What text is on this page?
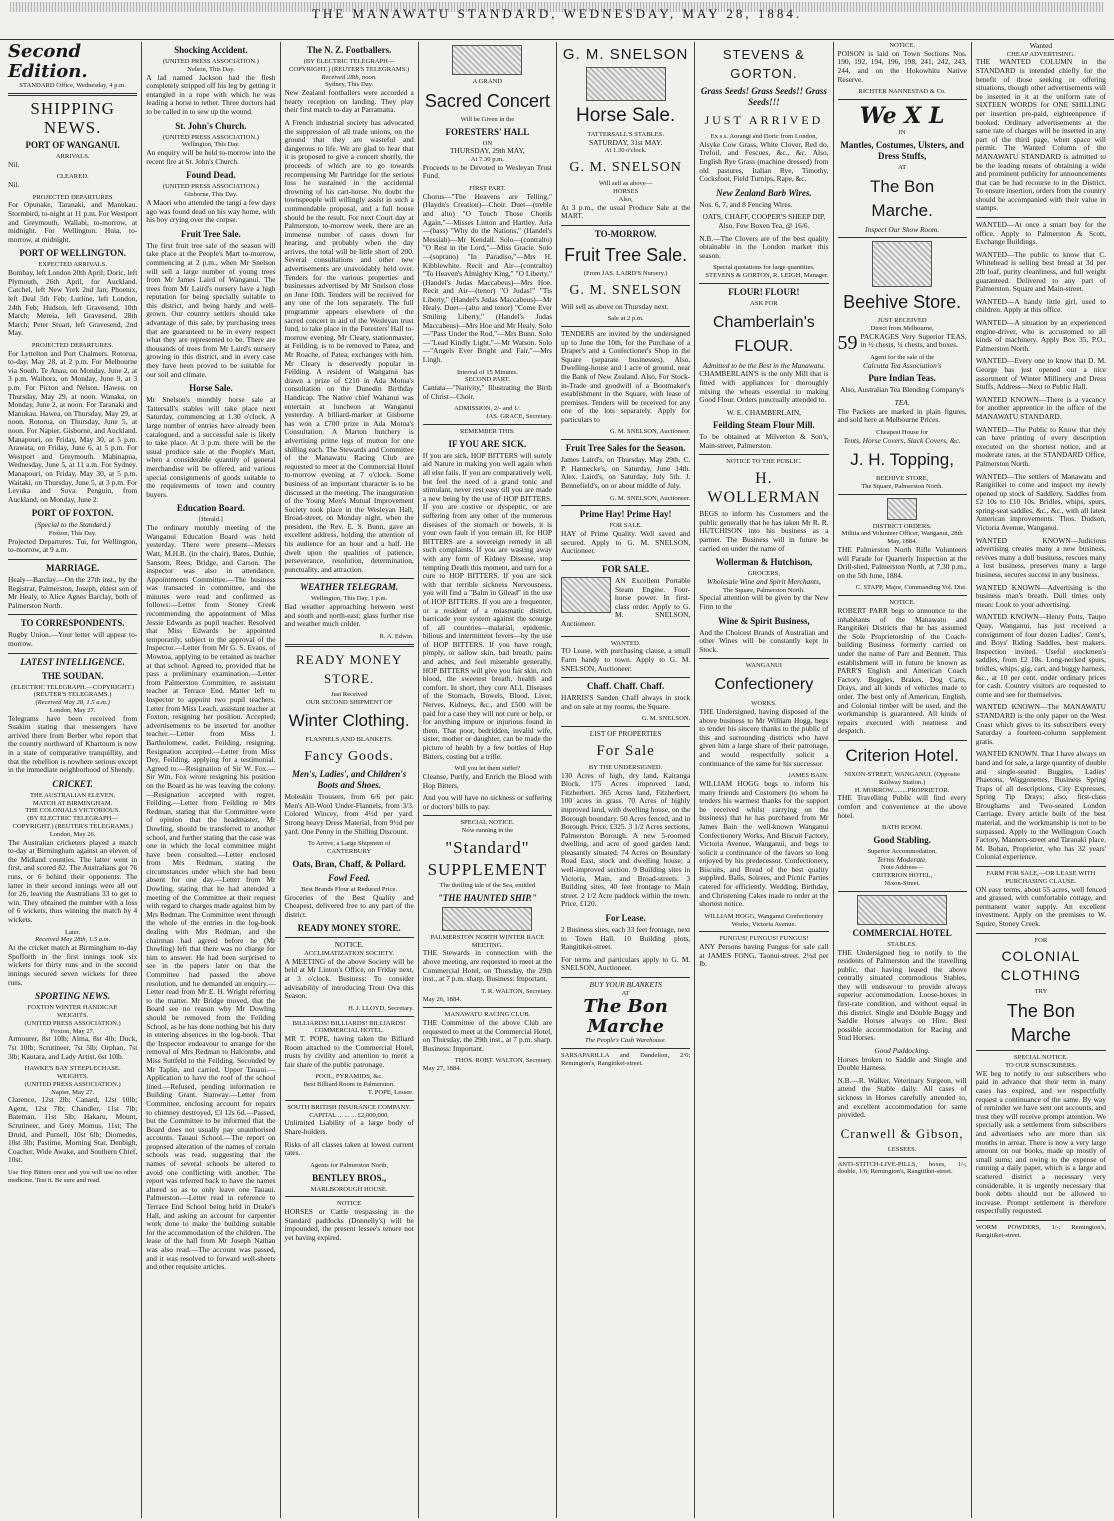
THE MANAWATU STANDARD, WEDNESDAY, MAY 28, 1884.
Second Edition.
STANDARD Office, Wednesday, 4 p.m.
SHIPPING NEWS.
PORT OF WANGANUI.
ARRIVALS.
Nil.
CLEARED.
Nil.
PROJECTED DEPARTURES
For Opunake, Taranaki, and Manukau. Stormbird, to-night at 11 p.m. For Westport and Greymouth. Wallabi, to-morrow, at midnight. For Wellington. Huia, to-morrow, at midnight.
PORT OF WELLINGTON.
EXPECTED ARRIVALS.
Bombay, left London 20th April; Doric, left Plymouth, 26th April, for Auckland. Catchel, left New York 2nd Jan; Phoenix, left Deal 5th Feb; Lurline, left London, 24th Feb; Hudson, left Gravesend, 10th March; Mereia, left Gravesend, 28th March; Peter Stuart, left Gravesend, 2nd May.
PROJECTED DEPARTURES.
For Lyttelton and Port Chalmers. Rotorua, to-day, May 28, at 2 p.m. For Melbourne via South. Te Anau, on Monday, June 2, at 3 p.m. Waihora, on Monday, June 9, at 3 p.m. For Picton and Nelson. Hawea, on Thursday, May 29, at noon. Wanaka, on Monday, June 2, at noon. For Taranaki and Manukau. Hawea, on Thursday, May 29, at noon. Rotorua, on Thursday, June 5, at noon. For Napier, Gisborne, and Auckland. Manapouri, on Friday, May 30, at 5 p.m. Arawata, on Friday, June 6, at 5 p.m. For Westport and Greymouth. Mahinapua, Wednesday, June 5, at 11 a.m. For Sydney. Manapouri, on Friday, May 30, at 5 p.m. Waitaki, on Thursday, June 5, at 3 p.m. For Levuka and Suva. Penguin, from Auckland, on Monday, June 2.
PORT OF FOXTON.
(Special to the Standard.)
Foxton, This Day.
Projected Departures. Tui, for Wellington, to-morrow, at 9 a.m.
MARRIAGE.
Healy—Barclay.—On the 27th inst., by the Registrar, Palmerston, Joseph, eldest son of Mr Healy, to Alice Agnes Barclay, both of Palmerston North.
TO CORRESPONDENTS.
Rugby Union.—Your letter will appear to-morrow.
LATEST INTELLIGENCE.
THE SOUDAN.
(ELECTRIC TELEGRAPH.—COPYRIGHT.) (REUTER'S TELEGRAMS.)
(Received May 28, 1.5 a.m.)
London, May 27.
Telegrams have been received from Suakim stating that messengers have arrived there from Berber who report that the country northward of Khartoum is now in a state of comparative tranquillity, and that the rebellion is nowhere serious except in the immediate neighborhood of Shendy.
CRICKET.
THE AUSTRALIAN ELEVEN.
MATCH AT BIRMINGHAM.
THE COLONIALS VICTORIOUS.
(BY ELECTRIC TELEGRAPH—COPYRIGHT.) (REUTER'S TELEGRAMS.)
London, May 26.
The Australian cricketers played a match to-day at Birmingham against an eleven of the Midland counties. The latter went in first, and scored 82. The Australians got 76 runs, or 6 behind their opponents. The latter in their second innings were all out for 26, leaving the Australians 33 to get to win. They obtained the number with a loss of 6 wickets, thus winning the match by 4 wickets.
Later.
Received May 28th, 1.5 a.m.
At the cricket match at Birmingham to-day Spofforth in the first innings took six wickets for thirty runs and in the second innings secured seven wickets for three runs.
SPORTING NEWS.
FOXTON WINTER HANDICAP.
WEIGHTS.
(UNITED PRESS ASSOCIATION.)
Foxton, May 27.
Armourer, 8st 10lb; Alma, 8st 4lb; Duck, 7st 10lb; Scrutineer, 7st 5lb; Orphan, 7st 3lb; Kautara, and Lady Artist, 6st 10lb.
HAWKE'S BAY STEEPLECHASE.
WEIGHTS.
(UNITED PRESS ASSOCIATION.)
Napier, May 27.
Clarence, 12st 2lb; Canard, 12st 10lb; Agent, 12st 7lb; Chandler, 11st 7lb; Bateman, 11st 5lb; Hakaru, Mount, Scrutineer, and Grey Momus, 11st; The Druid, and Purnell, 10st 6lb; Diomedes, 10st 3lb; Pastime, Morning Star, Denbigh, Coacher, Wide Awake, and Southern Chief, 10st.
Use Hop Bitters once and you will use no other medicine. Test it. Be sure and read.
Shocking Accident.
(UNITED PRESS ASSOCIATION.)
Nelson, This Day.
A lad named Jackson had the flesh completely stripped off his leg by getting it entangled in a rope with which he was leading a horse to tether. Three doctors had to be called in to sew up the wound.
St. John's Church.
(UNITED PRESS ASSOCIATION.)
Wellington, This Day.
An enquiry will be held to-morrow into the recent fire at St. John's Church.
Found Dead.
(UNITED PRESS ASSOCIATION.)
Gisborne, This Day.
A Maori who attended the tangi a few days ago was found dead on his way home, with his boy crying over the corpse.
Fruit Tree Sale.
The first fruit tree sale of the season will take place at the People's Mart to-morrow, commencing at 2 p.m., when Mr Snelson will sell a large number of young trees from Mr James Laird of Wanganui. The trees from Mr Laird's nursery have a high reputation for being specially suitable to this district, and being hardy and well-grown. Our country settlers should take advantage of this sale, by purchasing trees that are guaranteed to be in every respect what they are represented to be. There are thousands of trees from Mr Laird's nursery growing in this district, and in every case they have been proved to be suitable for our soil and climate.
Horse Sale.
Mr Snelson's monthly horse sale at Tattersall's stables will take place next Saturday, commencing at 1.30 o'clock. A large number of entries have already been catalogued, and a successful sale is likely to take place. At 3 p.m. there will be the usual produce sale at the People's Mart, when a considerable quantity of general merchandise will be offered, and various special consignments of goods suitable to the requirements of town and country buyers.
Education Board.
[Herald.]
The ordinary monthly meeting of the Wanganui Education Board was held yesterday. There were present—Messrs Watt, M.H.R. (in the chair), Bates, Duthie, Sansom, Rees, Bridge, and Carson. The inspector was also in attendance. Appointments Committee.—The business was transacted in committee, and the minutes were read and confirmed as follows:—Letter from Stoney Creek recommending the appointment of Miss Jessie Edwards as pupil teacher. Resolved that Miss Edwards be appointed temporarily, subject to the approval of the Inspector.—Letter from Mr G. S. Evans, of Mowtoa, applying to be retained as teacher at that school. Agreed to, provided that he pass a preliminary examination.—Letter from Palmerston Committee, re assistant teacher at Terrace End. Matter left to Inspector to appoint two pupil teachers. Letter from Miss Leach, assistant teacher at Foxton, resigning her position. Accepted; advertisements to be inserted for another teacher.—Letter from Miss J. Bartholomew, cadet, Feilding, resigning. Resignation accepted.—Letter from Miss Dey, Feilding, applying for a testimonial. Agreed to.—Resignation of Sir W. Fox.—Sir Wm. Fox wrote resigning his position on the Board as he was leaving the colony.—Resignation accepted with regret. Feilding.—Letter from Feilding re Mrs Redman, stating that the Committee were of opinion that the headmaster, Mr Dowling, should be transferred to another school, and further stating that the case was one in which the local committee might have been consulted.—Letter enclosed from Mrs Redman, stating the circumstances under which she had been absent for one day.—Letter from Mr Dowling, stating that he had attended a meeting of the Committee at their request with regard to charges made against him by Mrs Redman. The Committee went through the whole of the entries in the log-book dealing with Mrs Redman, and the chairman had agreed before he (Mr Dowling) left that there was no charge for him to answer. He had been surprised to see in the papers later on that the Committee had passed the above resolution, and he demanded an enquiry.—Letter read from Mr E. H. Wright referring to the matter. Mr Bridge moved, that the Board see no reason why Mr Dowling should be removed from the Feilding School, as he has done nothing but his duty in entering absences in the log-book. That the Inspector endeavour to arrange for the removal of Mrs Redman to Halcombe, and Miss Suttfeld to the Feilding. Seconded by Mr Taplin, and carried. Upper Tauaui.—Application to have the roof of the school lined.—Refused, pending information re Building Grant. Stanway.—Letter from Committee, enclosing account for repairs to chimney destroyed, £3 12s 6d.—Passed, but the Committee to be informed that the Board does not usually pay unauthorised accounts. Tauaui School.—The report on proposed alteration of the names of certain schools was read, suggesting that the names of several schools be altered to avoid one conflicting with another. The report was referred back to have the names altered so as to only leave one Tauaui. Palmerston.—Letter read in reference to Terrace End School being held in Drake's Hall, and asking an account for carpenter work done to make the building suitable for the accommodation of the children. The lease of the hall from Mr Joseph Nathan was also read.—The account was passed, and it was resolved to forward well-sheets and other requisite articles.
The N. Z. Footballers.
(BY ELECTRIC TELEGRAPH—COPYRIGHT.) (REUTER'S TELEGRAMS.)
Received 28th, noon.
Sydney, This Day.
New Zealand footballers were accorded a hearty reception on landing. They play their first match to-day at Parramatta.
A French industrial society has advocated the suppression of all trade unions, on the ground that they are wasteful and dangerous to life. We are glad to hear that it is proposed to give a concert shortly, the proceeds of which are to go towards recompensing Mr Partridge for the serious loss he sustained in the accidental drowning of his cart-horse. No doubt the townspeople will willingly assist in such a commendable proposal, and a full house should be the result. For next Court day at Palmerston, to-morrow week, there are an immense number of cases down for hearing, and probably when the day arrives, the total will be little short of 200. Several consultations and other new advertisements are unavoidably held over. Tenders for the various properties and businesses advertised by Mr Snelson close on June 10th. Tenders will be received for any one of the lots separately. The full programme appears elsewhere of the sacred concert in aid of the Wesleyan trust fund, to take place in the Foresters' Hall to-morrow evening. Mr Cleary, stationmaster, at Feilding, is to be removed to Patea, and Mr Roache, of Patea, exchanges with him. Mr Cleary is deservedly popular in Feilding. A resident of Wanganui has drawn a prize of £210 in Ada Motua's consultation on the Dunedin Birthday Handicap. The Native chief Wahanui was entertain at luncheon at Wanganui yesterday. A billiard-marker at Gisborne has won a £700 prize in Ada Motua's Consultation. A Marton butchery is advertising prime legs of mutton for one shilling each. The Stewards and Committee of the Manawatu Racing Club are requested to meet at the Commercial Hotel to-morrow evening at 7 o'clock. Some business of an important character is to be discussed at the meeting. The inauguration of the Young Men's Mutual Improvement Society took place in the Wesleyan Hall, Broad-street, on Monday night, when the president, the Rev. E. S. Bunn, gave an excellent address, holding the attention of his audience for an hour and a half. He dwelt upon the qualities of patience, perseverance, resolution, determination, punctuality, and attraction.
WEATHER TELEGRAM.
Wellington, This Day, 1 p.m.
Bad weather approaching between west and south and north-east; glass further rise and weather much colder.
R. A. Edwin.
READY MONEY STORE.
Just Received
OUR SECOND SHIPMENT OF
Winter Clothing.
FLANNELS AND BLANKETS.
Fancy Goods.
Men's, Ladies', and Children's Boots and Shoes.
Moleskin Trousers, from 6/6 per pair. Men's All-Wool Under-Flannels, from 3/3. Colored Wincey, from 4½d per yard. Strong heavy Dress Material, from 9½d per yard. One Penny in the Shilling Discount.
To Arrive, a Large Shipment of
CANTERBURY
Oats, Bran, Chaff, & Pollard.
Fowl Feed.
Best Brands Flour at Reduced Price.
Groceries of the Best Quality and Cheapest, delivered free to any part of the district.
READY MONEY STORE.
NOTICE.
ACCLIMATIZATION SOCIETY.
A MEETING of the above Society will be held at Mr Linton's Office, on Friday next, at 3 o'clock. Business: To consider advisability of introducing Trout Ova this Season.
H. J. LLOYD, Secretary.
BILLIARDS! BILLIARDS! BILLIARDS!
COMMERCIAL HOTEL.
MR T. POPE, having taken the Billiard Room attached to the Commercial Hotel, trusts by civility and attention to merit a fair share of the public patronage.
POOL, PYRAMIDS, &c.
Best Billiard Room in Palmerston.
T. POPE, Lessee.
SOUTH BRITISH INSURANCE COMPANY.
CAPITAL ... ... ... £2,000,000.
Unlimited Liability of a large body of Share-holders.
Risks of all classes taken at lowest current rates.
Agents for Palmerston North,
BENTLEY BROS.,
MARLBOROUGH HOUSE.
NOTICE
HORSES or Cattle trespassing in the Standard paddocks (Donnelly's) will be impounded, the present lessee's tenure not yet having expired.
A GRAND
Sacred Concert
Will be Given in the
FORESTERS' HALL
ON
THURSDAY, 29th MAY,
At 7.30 p.m.
Proceeds to be Devoted to Wesleyan Trust Fund.
FIRST PART.
Chorus—"The Heavens are Telling," (Haydn's Creation)—Choir. Duet—(treble and alto) "O Touch Those Chords Again,"—Misses Linton and Hartley. Aria—(bass) "Why do the Nations," (Handel's Messiah)—Mr Kendall. Solo—(contralto) "O Rest in the Lord,"—Miss Gracie. Solo—(soprano) "In Paradiso,"—Mrs H. Kibblewhite. Recit and Air—(contralto) "To Heaven's Almighty King," "O Liberty," (Handel's Judas Maccabeus)—Mrs Hoe. Recit and Air—(tenor) "O Judas!" "Tis Liberty," (Handel's Judas Maccabeus)—Mr Healy. Duet—(alto and tenor) "Come Ever Smiling Liberty," (Handel's Judas Maccabeus)—Mrs Hoe and Mr Healy. Solo—"Pass Under the Rod,"—Mrs Bunn. Solo—"Lead Kindly Light,"—Mr Watson. Solo—"Angels Ever Bright and Fair,"—Mrs Lingh.
Interval of 15 Minutes.
SECOND PART.
Cantata—"Nativity," Illustrating the Birth of Christ—Choir.
ADMISSION, 2/- and 1/.
JAS. GRACE, Secretary.
REMEMBER THIS.
IF YOU ARE SICK.
If you are sick, HOP BITTERS will surely aid Nature in making you well again when all else fails. If you are comparatively well, but feel the need of a grand tonic and stimulant, never rest easy till you are made a new being by the use of HOP BITTERS. If you are costive or dyspeptic, or are suffering from any other of the numerous diseases of the stomach or bowels, it is your own fault if you remain ill, for HOP BITTERS are a sovereign remedy in all such complaints. If you are wasting away with any form of Kidney Disease, stop tempting Death this moment, and turn for a cure to HOP BITTERS. If you are sick with that terrible sickness Nervousness, you will find a "Balm in Gilead" in the use of HOP BITTERS. If you are a frequenter, or a resident of a miasmatic district, barricade your system against the scourge of all countries—malarial, epidemic, bilious and intermittent fevers—by the use of HOP BITTERS. If you have rough, pimply, or sallow skin, bad breath, pains and aches, and feel miserable generally, HOP BITTERS will give you fair skin, rich blood, the sweetest breath, health and comfort. In short, they cure ALL Diseases of the Stomach, Bowels, Blood, Liver, Nerves, Kidneys, &c., and £500 will be paid for a case they will not cure or help, or for anything impure or injurious found in them. That poor, bedridden, invalid wife, sister, mother or daughter, can be made the picture of health by a few bottles of Hop Bitters, costing but a trifle.
Will you let them suffer?
Cleanse, Purify, and Enrich the Blood with Hop Bitters,
And you will have no sickness or suffering or doctors' bills to pay.
SPECIAL NOTICE.
Now running in the
"Standard"
SUPPLEMENT
The thrilling tale of the Sea, entitled
"THE HAUNTED SHIP."
PALMERSTON NORTH WINTER RACE MEETING.
THE Stewards in connection with the above meeting, are requested to meet at the Commercial Hotel, on Thursday, the 29th inst., at 7 p.m. sharp. Business: Important.
T. R. WALTON, Secretary.
May 26, 1884.
MANAWATU RACING CLUB.
THE Committee of the above Club are requested to meet at the Commercial Hotel, on Thursday, the 29th inst., at 7 p.m. sharp. Business: Important.
THOS. ROBT. WALTON, Secretary.
May 27, 1884.
G. M. SNELSON
Horse Sale.
TATTERSALL'S STABLES.
SATURDAY, 31st MAY.
At 1.30 o'clock.
G. M. SNELSON
Will sell as above—
HORSES
Also,
At 3 p.m., the usual Produce Sale at the MART.
TO-MORROW.
Fruit Tree Sale.
(From JAS. LAIRD'S Nursery.)
G. M. SNELSON
Will sell as above on Thursday next.
Sale at 2 p.m.
TENDERS are invited by the undersigned up to June the 10th, for the Purchase of a Draper's and a Confectioner's Shop in the Square (separate businesses). Also, Dwelling-house and 1 acre of ground, near the Bank of New Zealand. Also, For Stock-in-Trade and goodwill of a Bootmaker's establishment in the Square, with lease of premises. Tenders will be received for any one of the lots separately. Apply for particulars to
G. M. SNELSON, Auctioneer.
Fruit Tree Sales for the Season.
James Laird's, on Thursday, May 29th. C. P. Hannecke's, on Saturday, June 14th. Alex. Laird's, on Saturday, July 5th. J. Bennefield's, on or about middle of July.
G. M. SNELSON, Auctioneer.
Prime Hay! Prime Hay!
FOR SALE.
HAY of Prime Quality. Well saved and secured. Apply to G. M. SNELSON, Auctioneer.
FOR SALE.
AN Excellent Portable Steam Engine. Four-horse power. In first-class order. Apply to G. M. SNELSON, Auctioneer.
WANTED.
TO Lease, with purchasing clause, a small Farm handy to town. Apply to G. M. SNELSON, Auctioneer.
Chaff. Chaff. Chaff.
HARRIS'S Sanden Chaff always in stock and on sale at my rooms, the Square.
G. M. SNELSON.
LIST OF PROPERTIES
For Sale
BY THE UNDERSIGNED.
130 Acres of high, dry land, Kairanga Block. 175 Acres improved land, Fitzherbert. 365 Acres land, Fitzherbert, 100 acres in grass. 70 Acres of highly improved land, with dwelling house, on the Borough boundary. 50 Acres fenced, and in Borough. Price, £325. 3 1/2 Acres sections, Palmerston Borough. A new 5-roomed dwelling, and acre of good garden land, pleasantly situated. 74 Acres on Boundary Road East, stock and dwelling house; a well-improved section. 9 Building sites in Victoria, Main, and Broad-streets. 3 Building sites, 40 feet frontage to Main street. 2 1/2 Acre paddock within the town. Price, £120.
For Lease.
2 Business sites, each 33 feet frontage, next to Town Hall. 10 Building plots, Rangitikei-street.
For terms and particulars apply to G. M. SNELSON, Auctioneer.
BUY YOUR BLANKETS
AT
The Bon Marche
The People's Cash Warehouse.
SARSAPARILLA and Dandelion, 2/6; Remington's, Rangitikei-street.
STEVENS & GORTON.
Grass Seeds! Grass Seeds!! Grass Seeds!!!
JUST ARRIVED
Ex s.s. Aorangi and Doric from London,
Alsyke Cow Grass, White Clover, Red do, Trefoil, and Fescues, &c., &c. Also, English Rye Grass (machine dressed) from old pastures, Italian Rye, Timothy, Cocksfoot, Field Turnips, Rape, &c.
New Zealand Barb Wires.
Nos. 6, 7, and 8 Fencing Wires.
OATS, CHAFF, COOPER'S SHEEP DIP, Also, Few Boxen Tea, @ 16/6.
N.B.—The Clovers are of the best quality obtainable in the London market this season.
Special quotations for large quantities.
STEVENS & GORTON, R. LEIGH, Manager.
FLOUR! FLOUR!
ASK FOR
Chamberlain's FLOUR.
Admitted to be the Best in the Manawatu.
CHAMBERLAIN'S is the only Mill that is fitted with appliances for thoroughly mixing the wheats essential to making Good Flour. Orders punctually attended to.
W. E. CHAMBERLAIN,
Feilding Steam Flour Mill.
To be obtained at Milverton & Son's, Main-street, Palmerston.
NOTICE TO THE PUBLIC.
H. WOLLERMAN
BEGS to inform his Customers and the public generally that he has taken Mr R. R. HUTCHISON into his business as a partner. The Business will in future be carried on under the name of
Wollerman & Hutchison,
GROCERS,
Wholesale Wine and Spirit Merchants,
The Square, Palmerston North.
Special attention will be given by the New Firm to the
Wine & Spirit Business,
And the Choicest Brands of Australian and other Wines will be constantly kept in Stock.
WANGANUI
Confectionery
WORKS.
THE Undersigned, having disposed of the above business to Mr William Hogg, begs to tender his sincere thanks to the public of this and surrounding districts who have given him a large share of their patronage, and would respectfully solicit a continuance of the same for his successor.
JAMES BAIN.
WILLIAM HOGG begs to inform his many friends and Customers (to whom he tenders his warmest thanks for the support he received whilst carrying on the business) that he has purchased from Mr James Bain the well-known Wanganui Confectionery Works, And Biscuit Factory, Victoria Avenue, Wanganui, and begs to solicit a continuance of the favors so long enjoyed by his predecessor. Confectionery, Biscuits, and Bread of the best quality supplied. Balls, Soirees, and Picnic Parties catered for efficiently. Wedding, Birthday, and Christening Cakes made to order at the shortest notice.
WILLIAM HOGG, Wanganui Confectionery Works, Victoria Avenue.
FUNGUS! FUNGUS! FUNGUS!
ANY Persons having Fungus for sale call at JAMES FONG, Taonui-street. 2½d per lb.
NOTICE.
POISON is laid on Town Sections Nos. 190, 192, 194, 196, 198, 241, 242, 243, 244, and on the Hokowhitu Native Reserve.
RICHTER NANNESTAD & Co.
We X L
IN
Mantles, Costumes, Ulsters, and Dress Stuffs,
AT
The Bon Marche.
Inspect Our Show Room.
Beehive Store.
JUST RECEIVED
Direct from Melbourne,
59 PACKAGES Very Superior TEAS, in ½ chests, ¼ chests, and boxes.
Agent for the sale of the
Calcutta Tea Association's
Pure Indian Teas.
Also, Australian Tea Blending Company's
TEA.
The Packets are marked in plain figures, and sold here at Melbourne Prices.
Cheapest House for
Tents, Horse Covers, Stack Covers, &c.
J. H. Topping,
BEEHIVE STORE,
The Square, Palmerston North.
DISTRICT ORDERS.
Militia and Volunteer Officer, Wanganui, 28th May, 1884.
THE Palmerston North Rifle Volunteers will Parade for Quarterly Inspection at the Drill-shed, Palmerston North, at 7.30 p.m., on the 5th June, 1884.
C. STAPP, Major, Commanding Vol. Dist.
NOTICE.
ROBERT PARR begs to announce to the inhabitants of the Manawatu and Rangitikei Districts that he has assumed the Sole Proprietorship of the Coach-building Business formerly carried on under the name of Parr and Bennett. This establishment will in future be known as PARR'S English and American Coach Factory. Buggies, Brakes, Dog Carts, Drays, and all kinds of vehicles made to order. The best only of American, English, and Colonial timber will be used, and the workmanship is guaranteed. All kinds of repairs executed with neatness and despatch.
Criterion Hotel.
NIXON-STREET, WANGANUI. (Opposite Railway Station.)
H. MORROW.........PROPRIETOR.
THE Travelling Public will find every comfort and convenience at the above hotel.
BATH ROOM.
Good Stabling.
Superior Accommodation.
Terms Moderate.
Note Address—
CRITERION HOTEL,
Nixon-Street.
COMMERCIAL HOTEL
STABLES.
THE Undersigned beg to notify to the residents of Palmerston and the travelling public, that having leased the above centrally situated commodious Stables, they will endeavour to provide always superior accommodation. Loose-boxes in first-rate condition, and without equal in this district. Single and Double Buggy and Saddle Horses always on Hire. Best possible accommodation for Racing and Stud Horses.
Good Paddocking.
Horses broken to Saddle and Single and Double Harness.
N.B.—R. Walker, Veterinary Surgeon, will attend the Stable daily. All cases of sickness in Horses carefully attended to, and excellent accommodation for same provided.
Cranwell & Gibson,
LESSEES.
ANTI-STITCH-LIVE-PILLS, boxes, 1/-; double, 1/6; Remington's, Rangitikei-street.
Wanted
CHEAP ADVERTISING.
THE WANTED COLUMN in the STANDARD is intended chiefly for the benefit of those seeking or offering situations, though other advertisements will be inserted in it at the uniform rate of SIXTEEN WORDS for ONE SHILLING per insertion pre-paid, eighteenpence if booked. Ordinary advertisements at the same rate of charges will be inserted in any part of the third page, when space will permit. The Wanted Column of the MANAWATU STANDARD is admitted to be the leading means of obtaining a wide and prominent publicity for announcements that can be had recourse to in the District. To ensure insertion, orders from the country should be accompanied with their value in stamps.
WANTED—At once a smart boy for the office. Apply to Palmerston & Scott, Exchange Buildings.
WANTED—The public to know that C. Whitehead is selling best bread at 3d per 2lb loaf, purity cleanliness, and full weight guaranteed. Delivered to any part of Palmerston. Square and Main-street.
WANTED—A handy little girl, used to children. Apply at this office.
WANTED—A situation by an experienced engine-driver, who is accustomed to all kinds of machinery. Apply Box 35, P.O., Palmerston North.
WANTED—Every one to know that D. M. George has just opened out a nice assortment of Winter Millinery and Dress Stuffs, Address—Next to Public Hall.
WANTED KNOWN—There is a vacancy for another apprentice in the office of the MANAWATU STANDARD.
WANTED—The Public to Know that they can have printing of every description executed on the shortest notice, and at moderate rates, at the STANDARD Office, Palmerston North.
WANTED—The settlers of Manawatu and Rangitikei to come and inspect my newly opened up stock of Saddlery. Saddles from £2 10s to £10 10s. Bridles, whips, spurs, spring-seat saddles, &c., &c., with all latest American improvements. Thos. Dudson, Victoria Avenue, Wanganui.
WANTED KNOWN—Judicious advertising creates many a new business, revives many a dull business, rescues many a lost business, preserves many a large business, secures success in any business.
WANTED KNOWN—Advertising is the business man's breath. Dull times only mean: Look to your advertising.
WANTED KNOWN—Henry Potts, Taupo Quay, Wanganui, has just received a consignment of four dozen Ladies', Gent's, and Boys' Riding Saddles, best makers. Inspection invited. Useful stockmen's saddles, from £2 10s. Long-necked spurs, bridles, whips, gig, cart, and buggy harness, &c., at 10 per cent. under ordinary prices for cash. Country visitors are requested to come and see for themselves.
WANTED KNOWN—The MANAWATU STANDARD is the only paper on the West Coast which gives to its subscribers every Saturday a fourteen-column supplement gratis.
WANTED KNOWN. That I have always on hand and for sale, a large quantity of double and single-seated Buggies, Ladies' Phaetons, Waggonettes, Business Spring Traps of all descriptions, City Expresses, Spring Tip Drays; also, first-class Broughams and Two-seated London Carriage. Every article built of the best material, and the workmanship is not to be surpassed. Apply to the Wellington Coach Factory, Manners-street and Taranaki place. M. Bohan, Proprietor, who has 32 years' Colonial experience.
FARM FOR SALE,—OR LEASE WITH PURCHASING CLAUSE.
ON easy terms, about 55 acres, well fenced and grassed, with comfortable cottage, and permanent water supply. An excellent investment. Apply on the premises to W. Squire, Stoney Creek.
FOR
COLONIAL CLOTHING
TRY
The Bon Marche
SPECIAL NOTICE.
TO OUR SUBSCRIBERS.
WE beg to notify to our subscribers who paid in advance that their term in many cases has expired, and we respectfully request a continuance of the same. By way of reminder we have sent out accounts, and trust they will receive prompt attention. We specially ask a settlement from subscribers and advertisers who are more than six months in arrear. There is now a very large amount on our books, made up mostly of small sums; and owing to the expense of running a daily paper, which is a large and scattered district a necessary very considerable, it is urgently necessary that book debts should not be allowed to increase. Prompt settlement is therefore respectfully requested.
WORM POWDERS, 1/-; Remington's, Rangitikei-street.
